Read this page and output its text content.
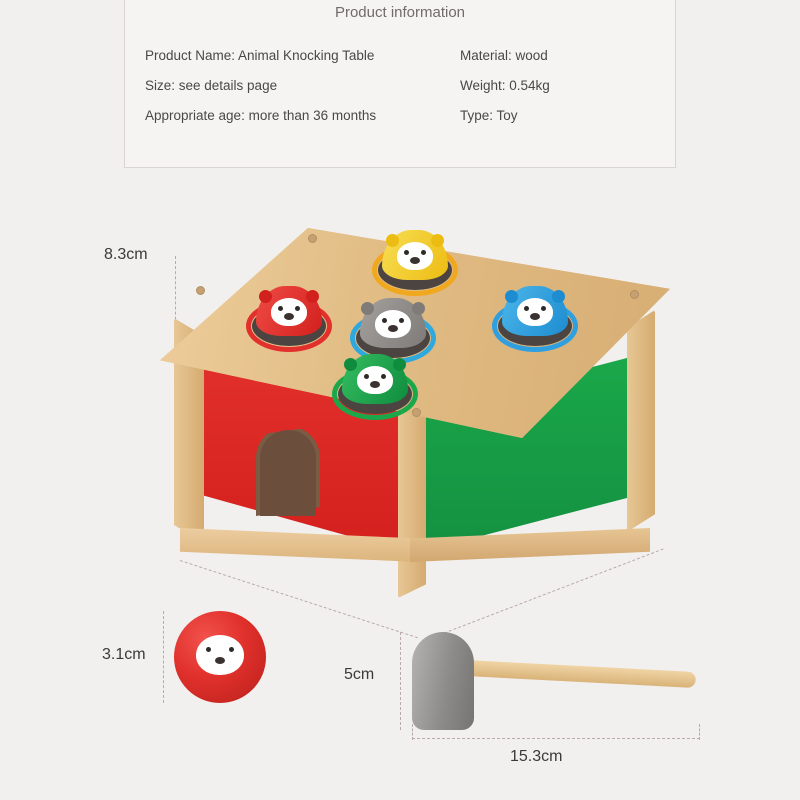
Product information
Product Name: Animal Knocking Table	Material: wood
Size: see details page	Weight: 0.54kg
Appropriate age: more than 36 months	Type: Toy
8.3cm
3.1cm
5cm
15.3cm
